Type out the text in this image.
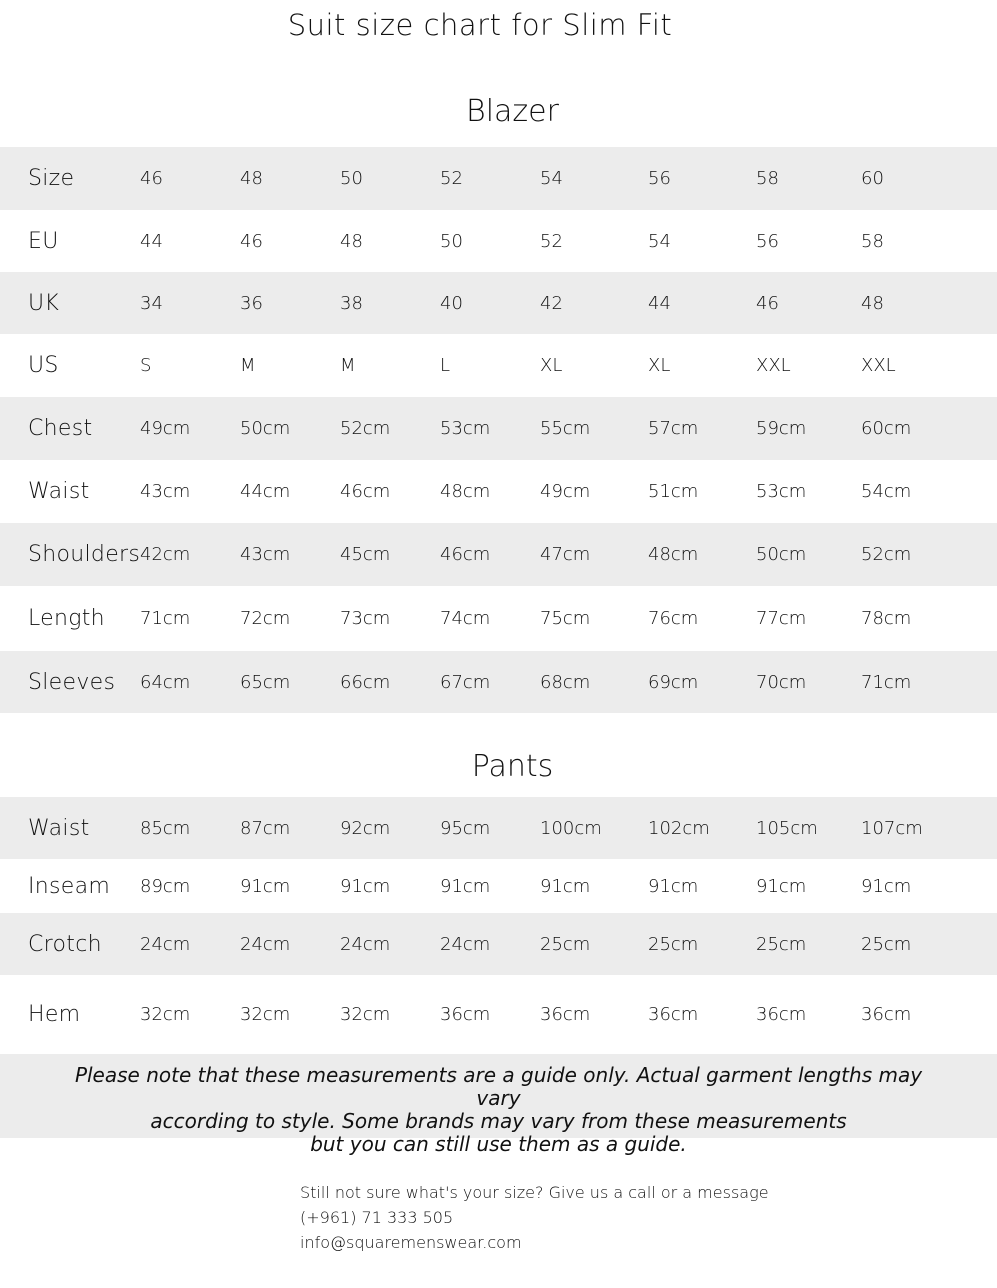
Suit size chart for Slim Fit
Blazer
Size	46	48	50	52	54	56	58	60
EU	44	46	48	50	52	54	56	58
UK	34	36	38	40	42	44	46	48
US	S	M	M	L	XL	XL	XXL	XXL
Chest	49cm	50cm	52cm	53cm	55cm	57cm	59cm	60cm
Waist	43cm	44cm	46cm	48cm	49cm	51cm	53cm	54cm
Shoulders 42cm	43cm	45cm	46cm	47cm	48cm	50cm	52cm
Length	71cm	72cm	73cm	74cm	75cm	76cm	77cm	78cm
Sleeves	64cm	65cm	66cm	67cm	68cm	69cm	70cm	71cm
Pants
Waist	85cm	87cm	92cm	95cm	100cm	102cm	105cm	107cm
Inseam	89cm	91cm	91cm	91cm	91cm	91cm	91cm	91cm
Crotch	24cm	24cm	24cm	24cm	25cm	25cm	25cm	25cm
Hem	32cm	32cm	32cm	36cm	36cm	36cm	36cm	36cm
Please note that these measurements are a guide only. Actual garment lengths may vary
according to style. Some brands may vary from these measurements
but you can still use them as a guide.
Still not sure what's your size? Give us a call or a message
(+961) 71 333 505
info@squaremenswear.com
